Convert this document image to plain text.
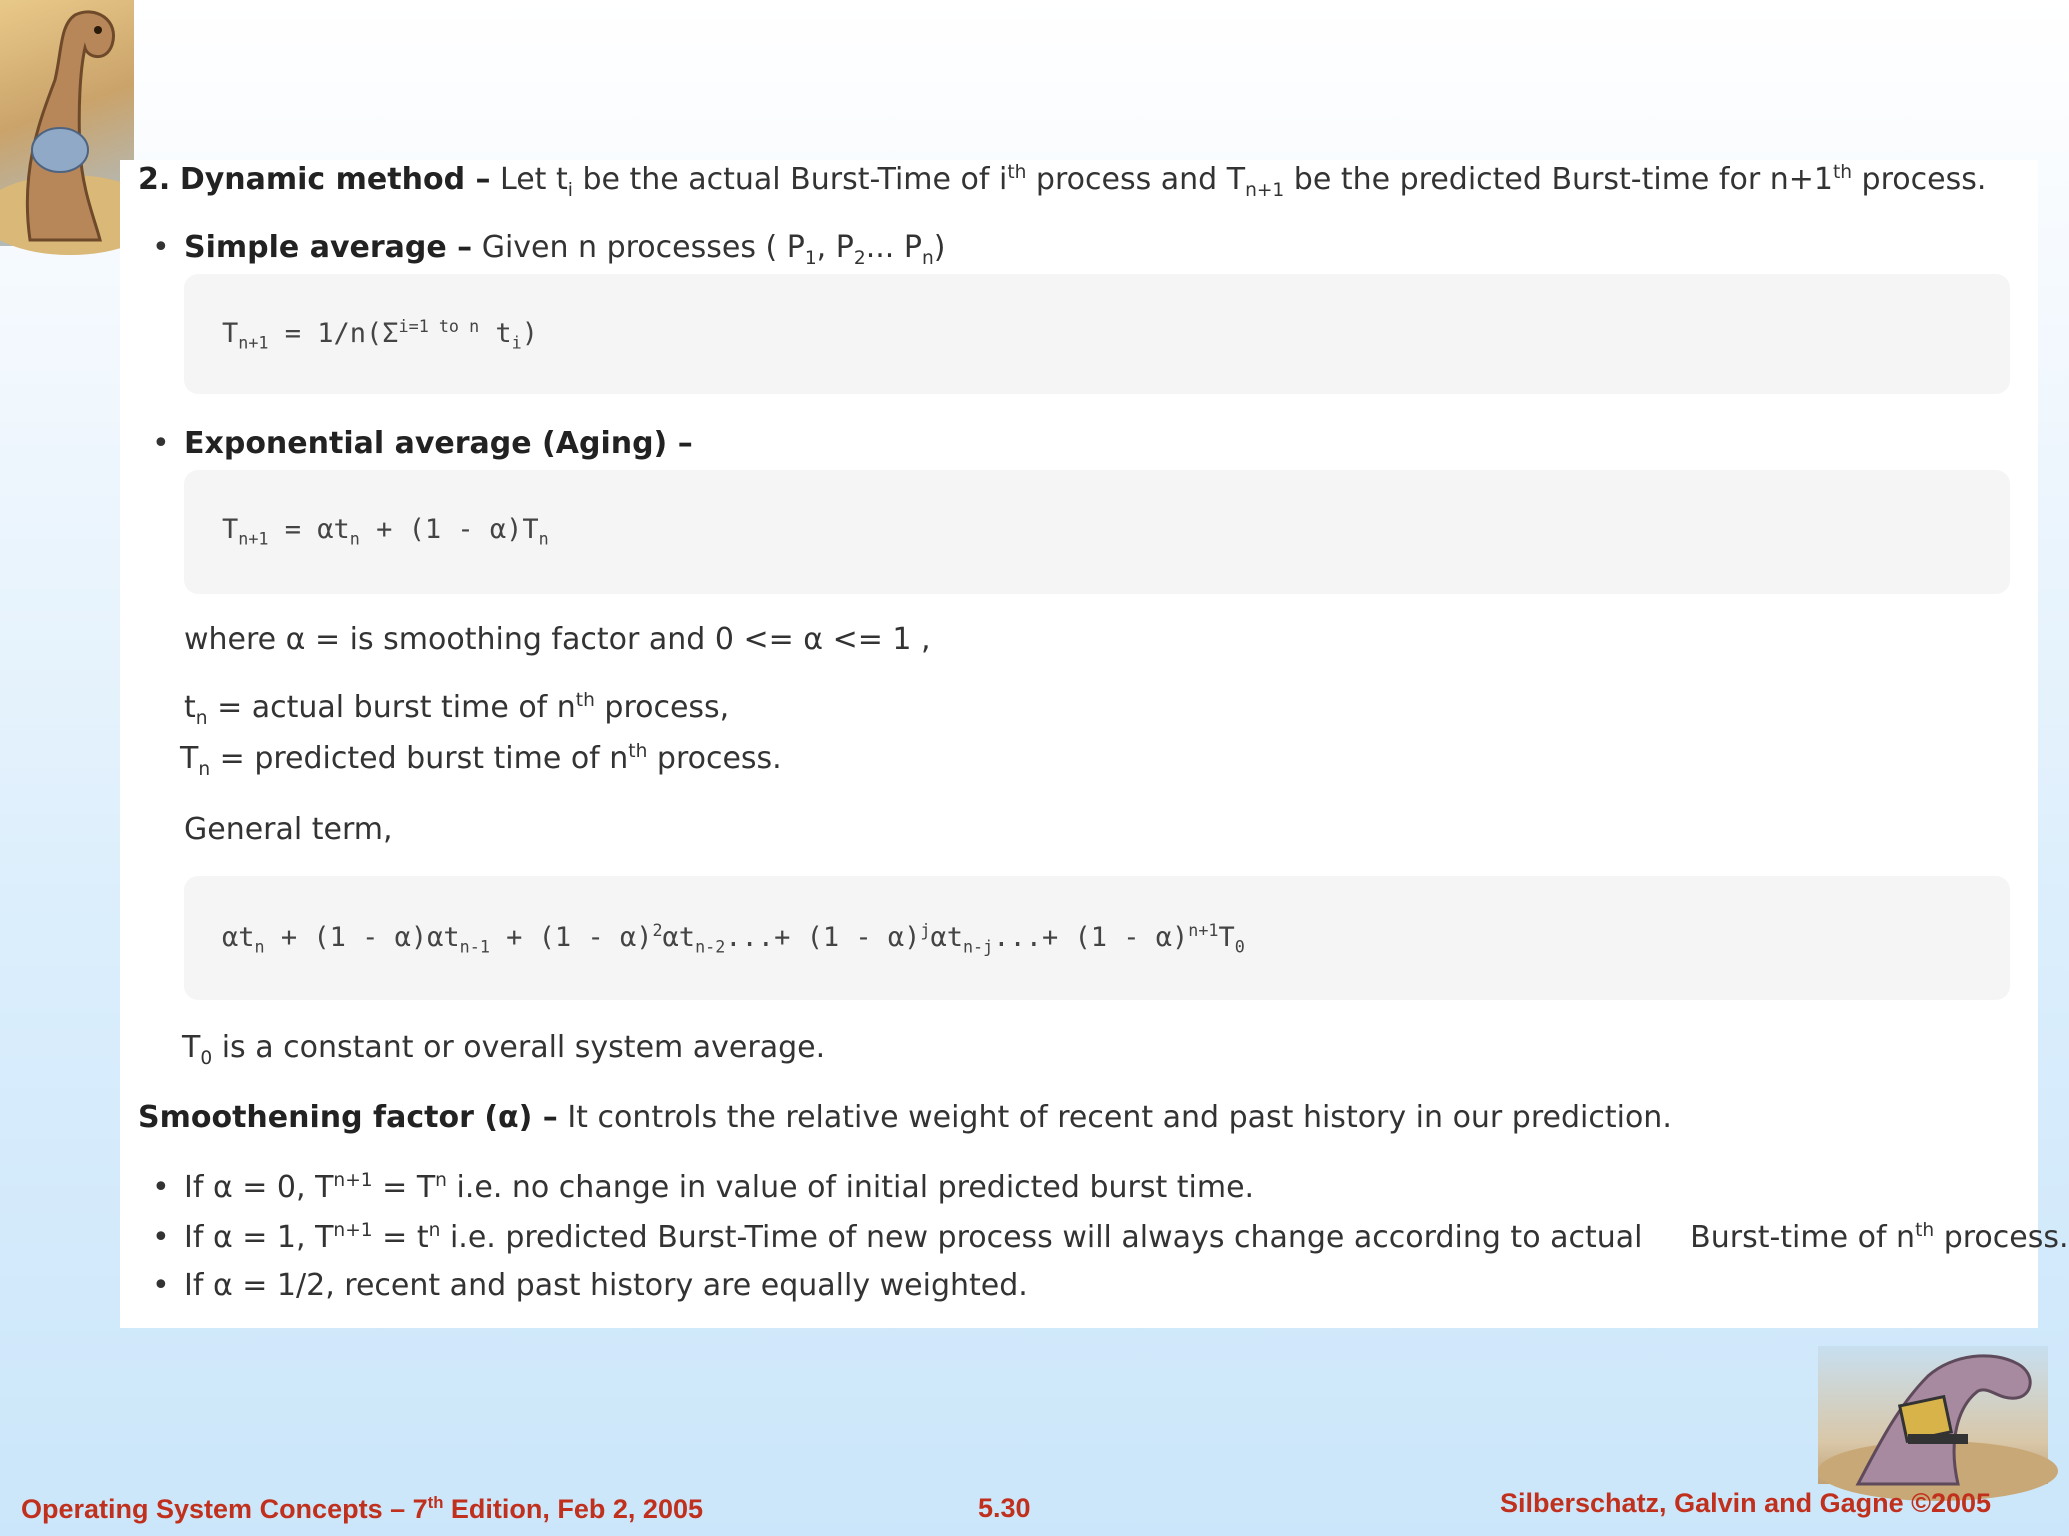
2. Dynamic method – Let $t_i$ be the actual Burst-Time of $i^{th}$ process and $T_{n+1}$ be the predicted Burst-time for n+1th process.
• Simple average – Given n processes ( $P_1$, $P_2$... $P_n$)
$T_{n+1} = 1/n(\Sigma^{i=1 to n}$ $t_i$)
• Exponential average (Aging) –
$T_{n+1} = \alpha t_n + (1 - \alpha)T_n$
where α = is smoothing factor and 0 <= α <= 1 ,
$t_n$ = actual burst time of $n^{th}$ process,
$T_n$ = predicted burst time of $n^{th}$ process.
General term,
$\alpha t_n + (1 - \alpha)\alpha t_{n-1} + (1 - \alpha)^2\alpha t_{n-2}...+ (1 - \alpha)^j\alpha t_{n-j}...+ (1 - \alpha)^{n+1}T_0$
$T_0$ is a constant or overall system average.
Smoothening factor (α) – It controls the relative weight of recent and past history in our prediction.
• If α = 0, $T^{n+1} = T^n$ i.e. no change in value of initial predicted burst time.
• If α = 1, $T^{n+1} = t^n$ i.e. predicted Burst-Time of new process will always change according to actual     Burst-time of $n^{th}$ process.
• If α = 1/2, recent and past history are equally weighted.
Operating System Concepts – 7th Edition, Feb 2, 2005	5.30	Silberschatz, Galvin and Gagne ©2005
